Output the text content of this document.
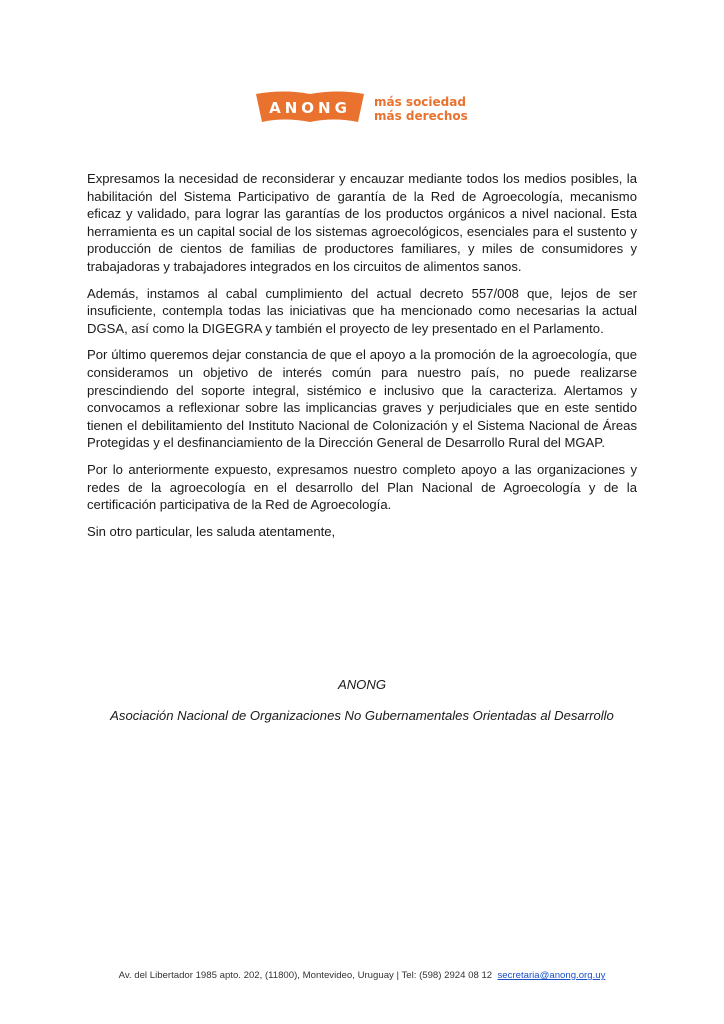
ANONG más sociedad
más derechos

Expresamos la necesidad de reconsiderar y encauzar mediante todos los medios posibles, la habilitación del Sistema Participativo de garantía de la Red de Agroecología, mecanismo eficaz y validado, para lograr las garantías de los productos orgánicos a nivel nacional. Esta herramienta es un capital social de los sistemas agroecológicos, esenciales para el sustento y producción de cientos de familias de productores familiares, y miles de consumidores y trabajadoras y trabajadores integrados en los circuitos de alimentos sanos.

Además, instamos al cabal cumplimiento del actual decreto 557/008 que, lejos de ser insuficiente, contempla todas las iniciativas que ha mencionado como necesarias la actual DGSA, así como la DIGEGRA y también el proyecto de ley presentado en el Parlamento.

Por último queremos dejar constancia de que el apoyo a la promoción de la agroecología, que consideramos un objetivo de interés común para nuestro país, no puede realizarse prescindiendo del soporte integral, sistémico e inclusivo que la caracteriza. Alertamos y convocamos a reflexionar sobre las implicancias graves y perjudiciales que en este sentido tienen el debilitamiento del Instituto Nacional de Colonización y el Sistema Nacional de Áreas Protegidas y el desfinanciamiento de la Dirección General de Desarrollo Rural del MGAP.

Por lo anteriormente expuesto, expresamos nuestro completo apoyo a las organizaciones y redes de la agroecología en el desarrollo del Plan Nacional de Agroecología y de la certificación participativa de la Red de Agroecología.

Sin otro particular, les saluda atentamente,

ANONG
Asociación Nacional de Organizaciones No Gubernamentales Orientadas al Desarrollo
Av. del Libertador 1985 apto. 202, (11800), Montevideo, Uruguay | Tel: (598) 2924 08 12 secretaria@anong.org.uy
